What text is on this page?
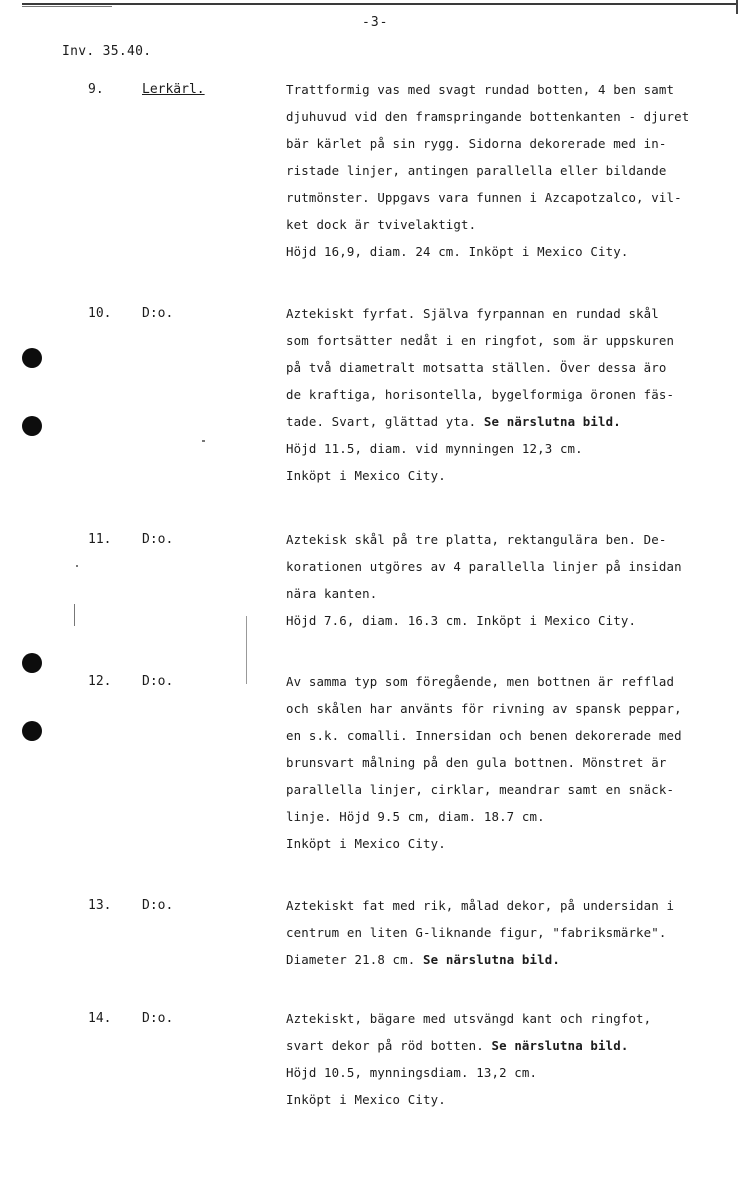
-3-
Inv. 35.40.
9.	Lerkärl.	Trattformig vas med svagt rundad botten, 4 ben samt
djuhuvud vid den framspringande bottenkanten - djuret
bär kärlet på sin rygg. Sidorna dekorerade med in-
ristade linjer, antingen parallella eller bildande
rutmönster. Uppgavs vara funnen i Azcapotzalco, vil-
ket dock är tvivelaktigt.
Höjd 16,9, diam. 24 cm. Inköpt i Mexico City.
10. D:o.	Aztekiskt fyrfat. Själva fyrpannan en rundad skål
som fortsätter nedåt i en ringfot, som är uppskuren
på två diametralt motsatta ställen. Över dessa äro
de kraftiga, horisontella, bygelformiga öronen fäs-
tade. Svart, glättad yta. Se närslutna bild.
Höjd 11.5, diam. vid mynningen 12,3 cm.
Inköpt i Mexico City.
11. D:o.	Aztekisk skål på tre platta, rektangulära ben. De-
korationen utgöres av 4 parallella linjer på insidan
nära kanten.
Höjd 7.6, diam. 16.3 cm. Inköpt i Mexico City.
12. D:o.	Av samma typ som föregående, men bottnen är refflad
och skålen har använts för rivning av spansk peppar,
en s.k. comalli. Innersidan och benen dekorerade med
brunsvart målning på den gula bottnen. Mönstret är
parallella linjer, cirklar, meandrar samt en snäck-
linje. Höjd 9.5 cm, diam. 18.7 cm.
Inköpt i Mexico City.
13. D:o.	Aztekiskt fat med rik, målad dekor, på undersidan i
centrum en liten G-liknande figur, "fabriksmärke".
Diameter 21.8 cm. Se närslutna bild.
14. D:o.	Aztekiskt, bägare med utsvängd kant och ringfot,
svart dekor på röd botten. Se närslutna bild.
Höjd 10.5, mynningsdiam. 13,2 cm.
Inköpt i Mexico City.
